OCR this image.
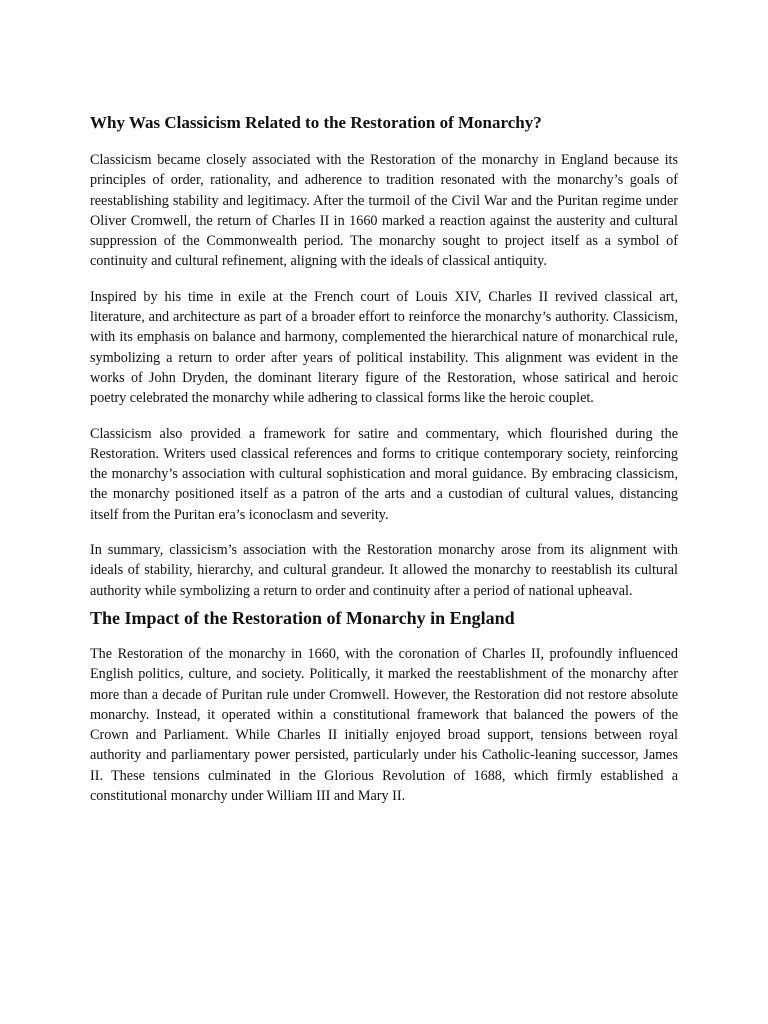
Why Was Classicism Related to the Restoration of Monarchy?

Classicism became closely associated with the Restoration of the monarchy in England because its principles of order, rationality, and adherence to tradition resonated with the monarchy’s goals of reestablishing stability and legitimacy. After the turmoil of the Civil War and the Puritan regime under Oliver Cromwell, the return of Charles II in 1660 marked a reaction against the austerity and cultural suppression of the Commonwealth period. The monarchy sought to project itself as a symbol of continuity and cultural refinement, aligning with the ideals of classical antiquity.

Inspired by his time in exile at the French court of Louis XIV, Charles II revived classical art, literature, and architecture as part of a broader effort to reinforce the monarchy’s authority. Classicism, with its emphasis on balance and harmony, complemented the hierarchical nature of monarchical rule, symbolizing a return to order after years of political instability. This alignment was evident in the works of John Dryden, the dominant literary figure of the Restoration, whose satirical and heroic poetry celebrated the monarchy while adhering to classical forms like the heroic couplet.

Classicism also provided a framework for satire and commentary, which flourished during the Restoration. Writers used classical references and forms to critique contemporary society, reinforcing the monarchy’s association with cultural sophistication and moral guidance. By embracing classicism, the monarchy positioned itself as a patron of the arts and a custodian of cultural values, distancing itself from the Puritan era’s iconoclasm and severity.

In summary, classicism’s association with the Restoration monarchy arose from its alignment with ideals of stability, hierarchy, and cultural grandeur. It allowed the monarchy to reestablish its cultural authority while symbolizing a return to order and continuity after a period of national upheaval.

The Impact of the Restoration of Monarchy in England

The Restoration of the monarchy in 1660, with the coronation of Charles II, profoundly influenced English politics, culture, and society. Politically, it marked the reestablishment of the monarchy after more than a decade of Puritan rule under Cromwell. However, the Restoration did not restore absolute monarchy. Instead, it operated within a constitutional framework that balanced the powers of the Crown and Parliament. While Charles II initially enjoyed broad support, tensions between royal authority and parliamentary power persisted, particularly under his Catholic-leaning successor, James II. These tensions culminated in the Glorious Revolution of 1688, which firmly established a constitutional monarchy under William III and Mary II.
